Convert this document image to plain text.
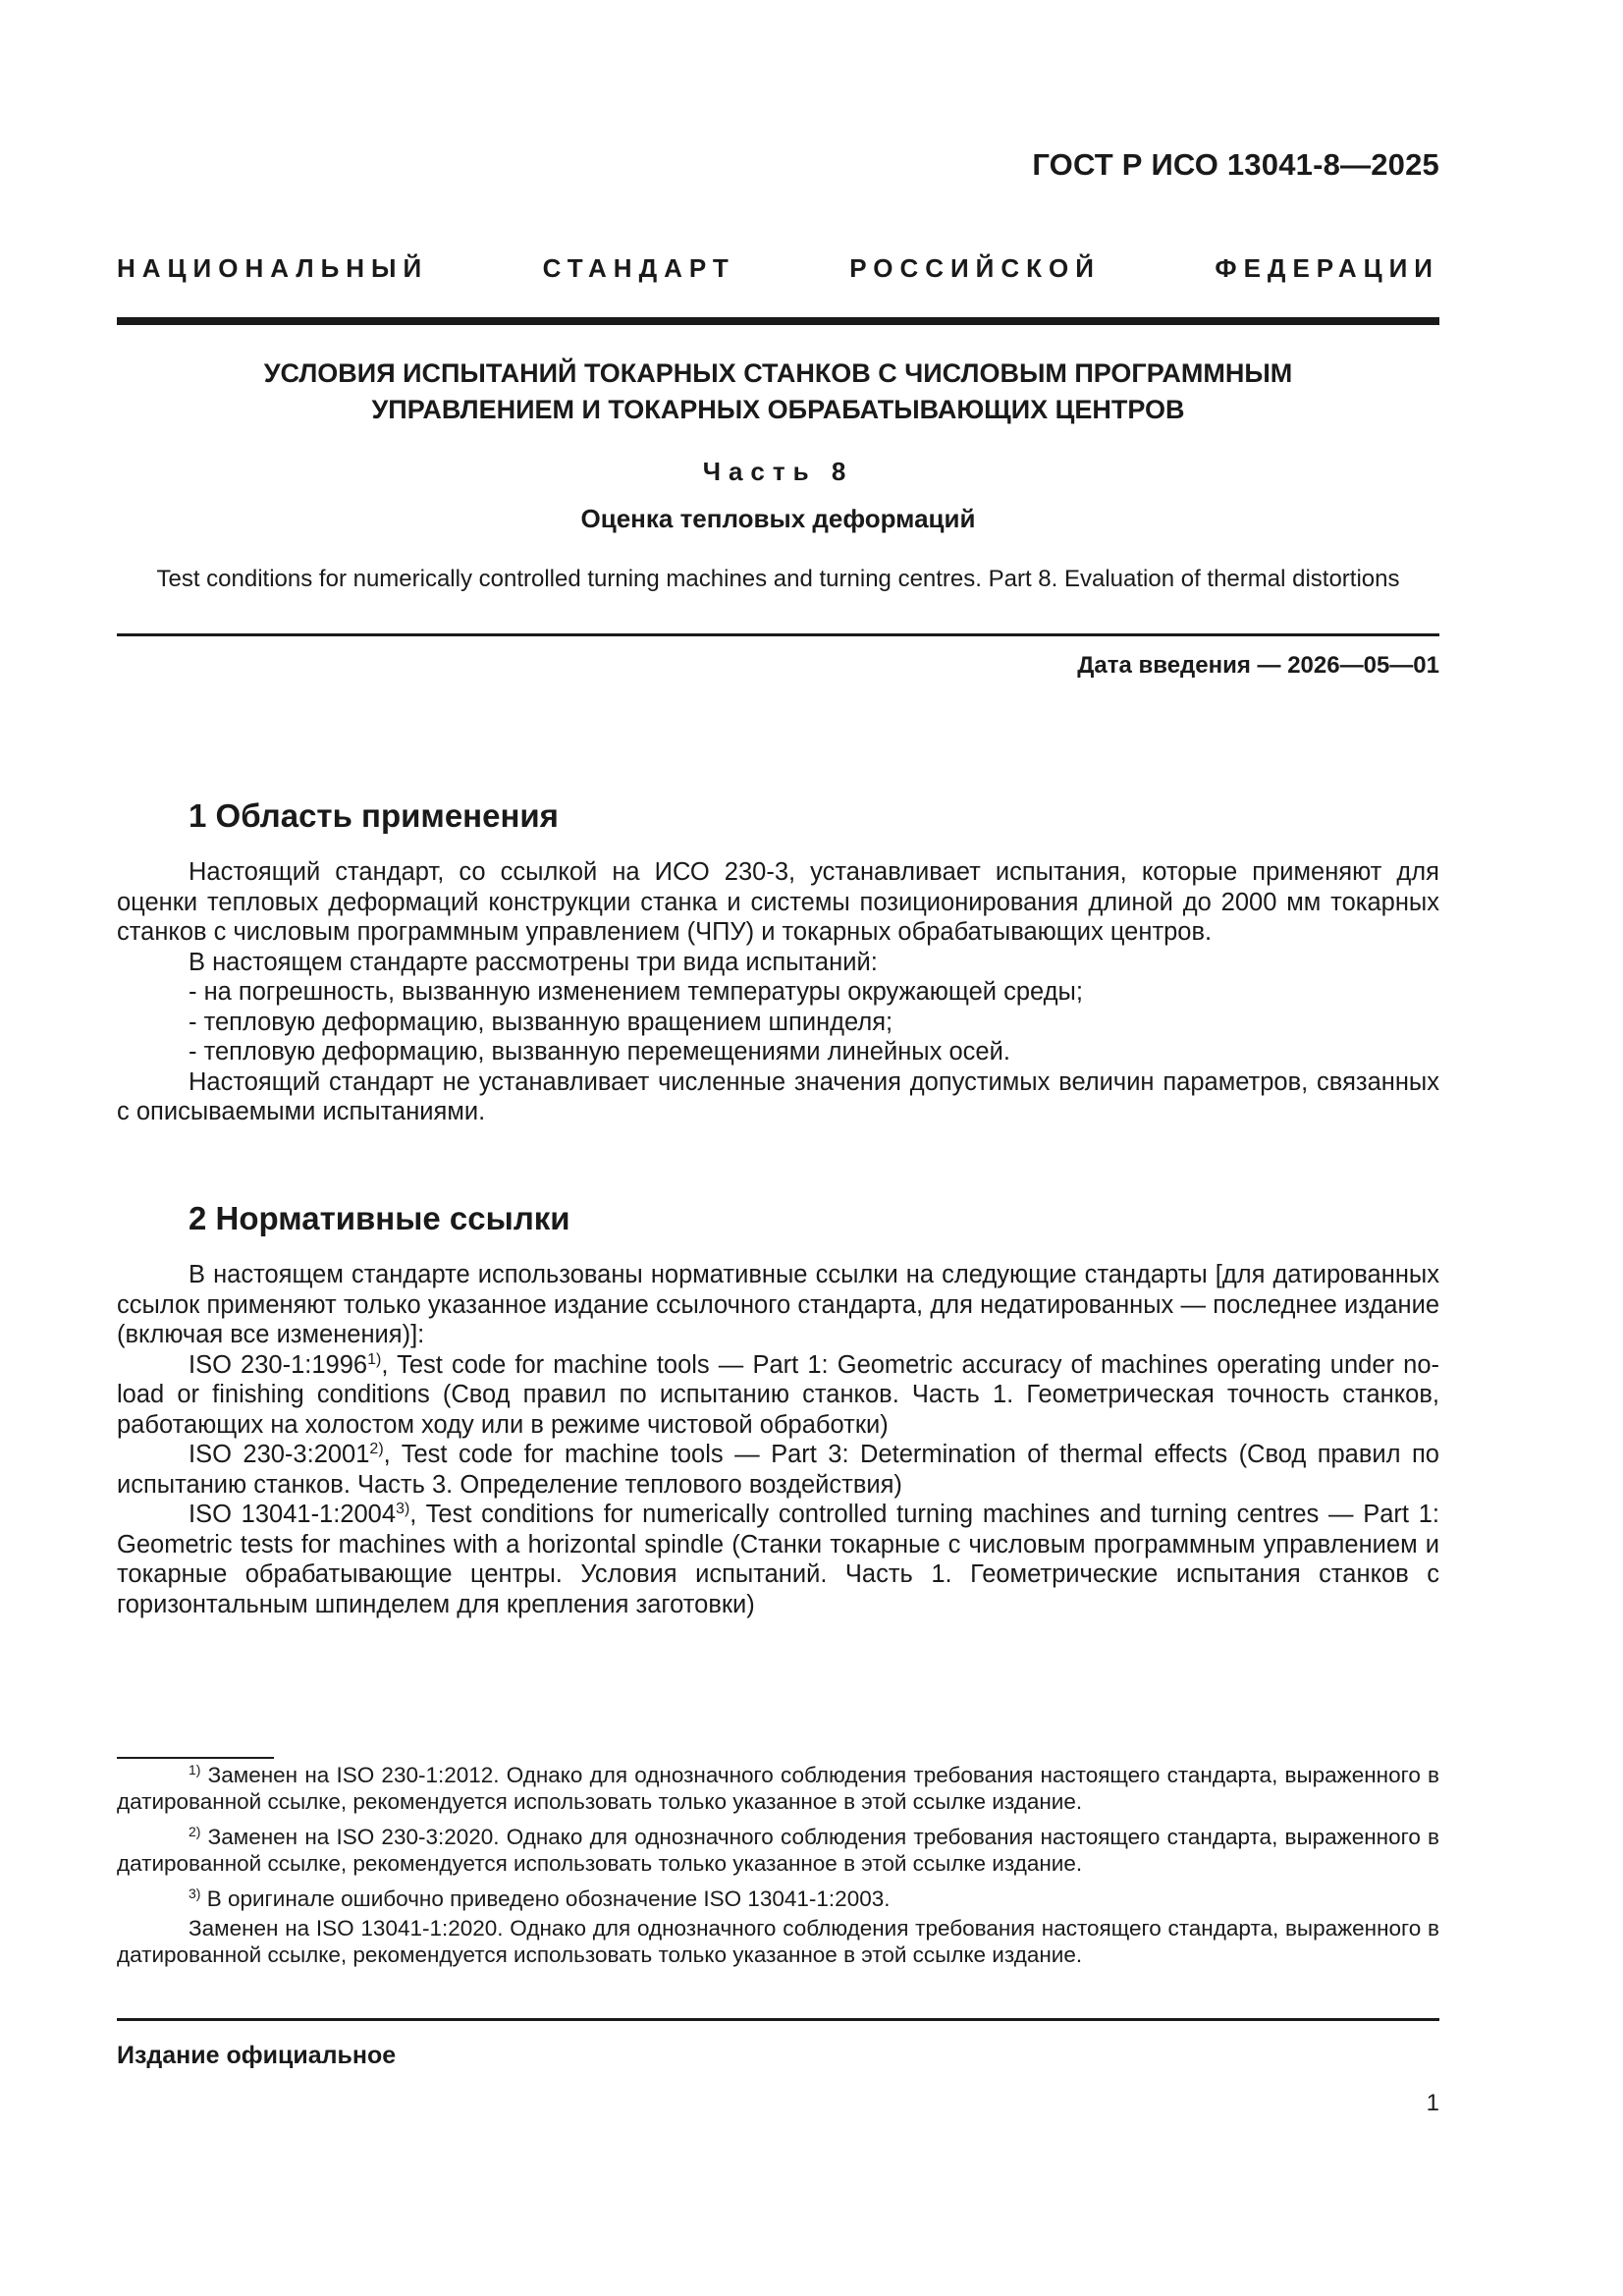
ГОСТ Р ИСО 13041-8—2025
НАЦИОНАЛЬНЫЙ СТАНДАРТ РОССИЙСКОЙ ФЕДЕРАЦИИ
УСЛОВИЯ ИСПЫТАНИЙ ТОКАРНЫХ СТАНКОВ С ЧИСЛОВЫМ ПРОГРАММНЫМ
УПРАВЛЕНИЕМ И ТОКАРНЫХ ОБРАБАТЫВАЮЩИХ ЦЕНТРОВ
Часть 8
Оценка тепловых деформаций
Test conditions for numerically controlled turning machines and turning centres. Part 8. Evaluation of thermal distortions
Дата введения — 2026—05—01
1 Область применения

Настоящий стандарт, со ссылкой на ИСО 230-3, устанавливает испытания, которые применяют для оценки тепловых деформаций конструкции станка и системы позиционирования длиной до 2000 мм токарных станков с числовым программным управлением (ЧПУ) и токарных обрабатывающих центров.

В настоящем стандарте рассмотрены три вида испытаний:

- на погрешность, вызванную изменением температуры окружающей среды;

- тепловую деформацию, вызванную вращением шпинделя;

- тепловую деформацию, вызванную перемещениями линейных осей.

Настоящий стандарт не устанавливает численные значения допустимых величин параметров, связанных с описываемыми испытаниями.

2 Нормативные ссылки

В настоящем стандарте использованы нормативные ссылки на следующие стандарты [для датированных ссылок применяют только указанное издание ссылочного стандарта, для недатированных — последнее издание (включая все изменения)]:

ISO 230-1:1996$^{1)}$, Test code for machine tools — Part 1: Geometric accuracy of machines operating under no-load or finishing conditions (Свод правил по испытанию станков. Часть 1. Геометрическая точность станков, работающих на холостом ходу или в режиме чистовой обработки)

ISO 230-3:2001$^{2)}$, Test code for machine tools — Part 3: Determination of thermal effects (Свод правил по испытанию станков. Часть 3. Определение теплового воздействия)

ISO 13041-1:2004$^{3)}$, Test conditions for numerically controlled turning machines and turning centres — Part 1: Geometric tests for machines with a horizontal spindle (Станки токарные с числовым программным управлением и токарные обрабатывающие центры. Условия испытаний. Часть 1. Геометрические испытания станков с горизонтальным шпинделем для крепления заготовки)

$^{1)}$ Заменен на ISO 230-1:2012. Однако для однозначного соблюдения требования настоящего стандарта, выраженного в датированной ссылке, рекомендуется использовать только указанное в этой ссылке издание.

$^{2)}$ Заменен на ISO 230-3:2020. Однако для однозначного соблюдения требования настоящего стандарта, выраженного в датированной ссылке, рекомендуется использовать только указанное в этой ссылке издание.

$^{3)}$ В оригинале ошибочно приведено обозначение ISO 13041-1:2003.

Заменен на ISO 13041-1:2020. Однако для однозначного соблюдения требования настоящего стандарта, выраженного в датированной ссылке, рекомендуется использовать только указанное в этой ссылке издание.

Издание официальное
1
